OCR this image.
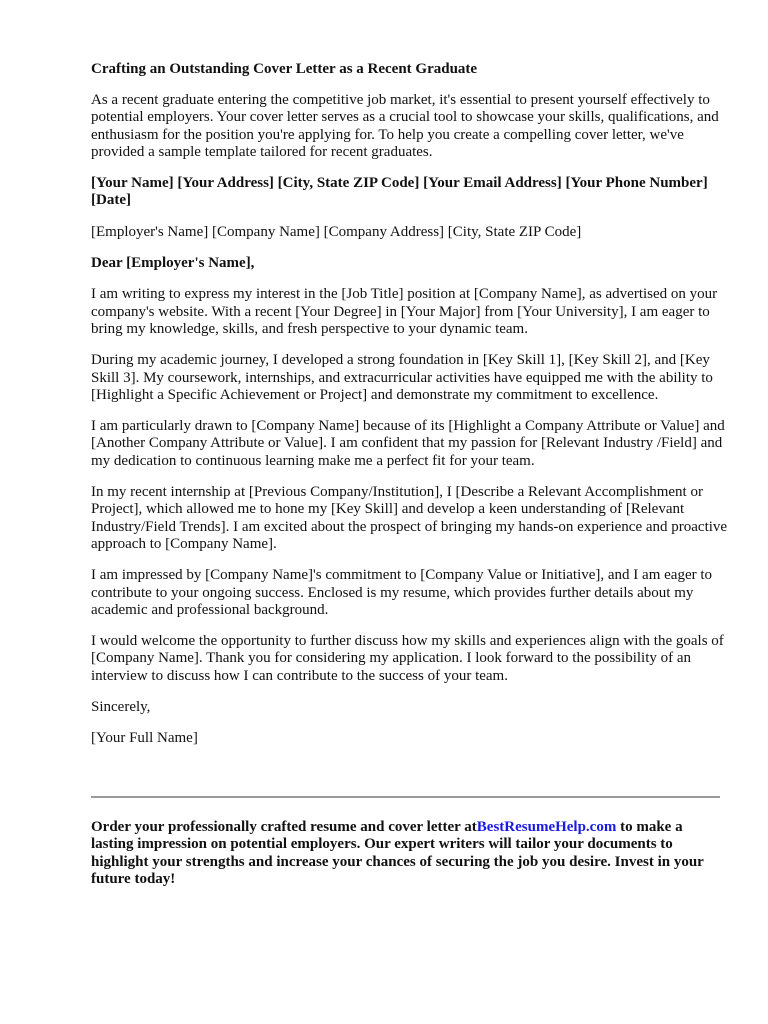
Crafting an Outstanding Cover Letter as a Recent Graduate

As a recent graduate entering the competitive job market, it's essential to present yourself effectively to potential employers. Your cover letter serves as a crucial tool to showcase your skills, qualifications, and enthusiasm for the position you're applying for. To help you create a compelling cover letter, we've provided a sample template tailored for recent graduates.

[Your Name] [Your Address] [City, State ZIP Code] [Your Email Address] [Your Phone Number] [Date]

[Employer's Name] [Company Name] [Company Address] [City, State ZIP Code]

Dear [Employer's Name],

I am writing to express my interest in the [Job Title] position at [Company Name], as advertised on your company's website. With a recent [Your Degree] in [Your Major] from [Your University], I am eager to bring my knowledge, skills, and fresh perspective to your dynamic team.

During my academic journey, I developed a strong foundation in [Key Skill 1], [Key Skill 2], and [Key Skill 3]. My coursework, internships, and extracurricular activities have equipped me with the ability to [Highlight a Specific Achievement or Project] and demonstrate my commitment to excellence.

I am particularly drawn to [Company Name] because of its [Highlight a Company Attribute or Value] and [Another Company Attribute or Value]. I am confident that my passion for [Relevant Industry /Field] and my dedication to continuous learning make me a perfect fit for your team.

In my recent internship at [Previous Company/Institution], I [Describe a Relevant Accomplishment or Project], which allowed me to hone my [Key Skill] and develop a keen understanding of [Relevant Industry/Field Trends]. I am excited about the prospect of bringing my hands-on experience and proactive approach to [Company Name].

I am impressed by [Company Name]'s commitment to [Company Value or Initiative], and I am eager to contribute to your ongoing success. Enclosed is my resume, which provides further details about my academic and professional background.

I would welcome the opportunity to further discuss how my skills and experiences align with the goals of [Company Name]. Thank you for considering my application. I look forward to the possibility of an interview to discuss how I can contribute to the success of your team.

Sincerely,

[Your Full Name]

Order your professionally crafted resume and cover letter atBestResumeHelp.com to make a lasting impression on potential employers. Our expert writers will tailor your documents to highlight your strengths and increase your chances of securing the job you desire. Invest in your future today!
